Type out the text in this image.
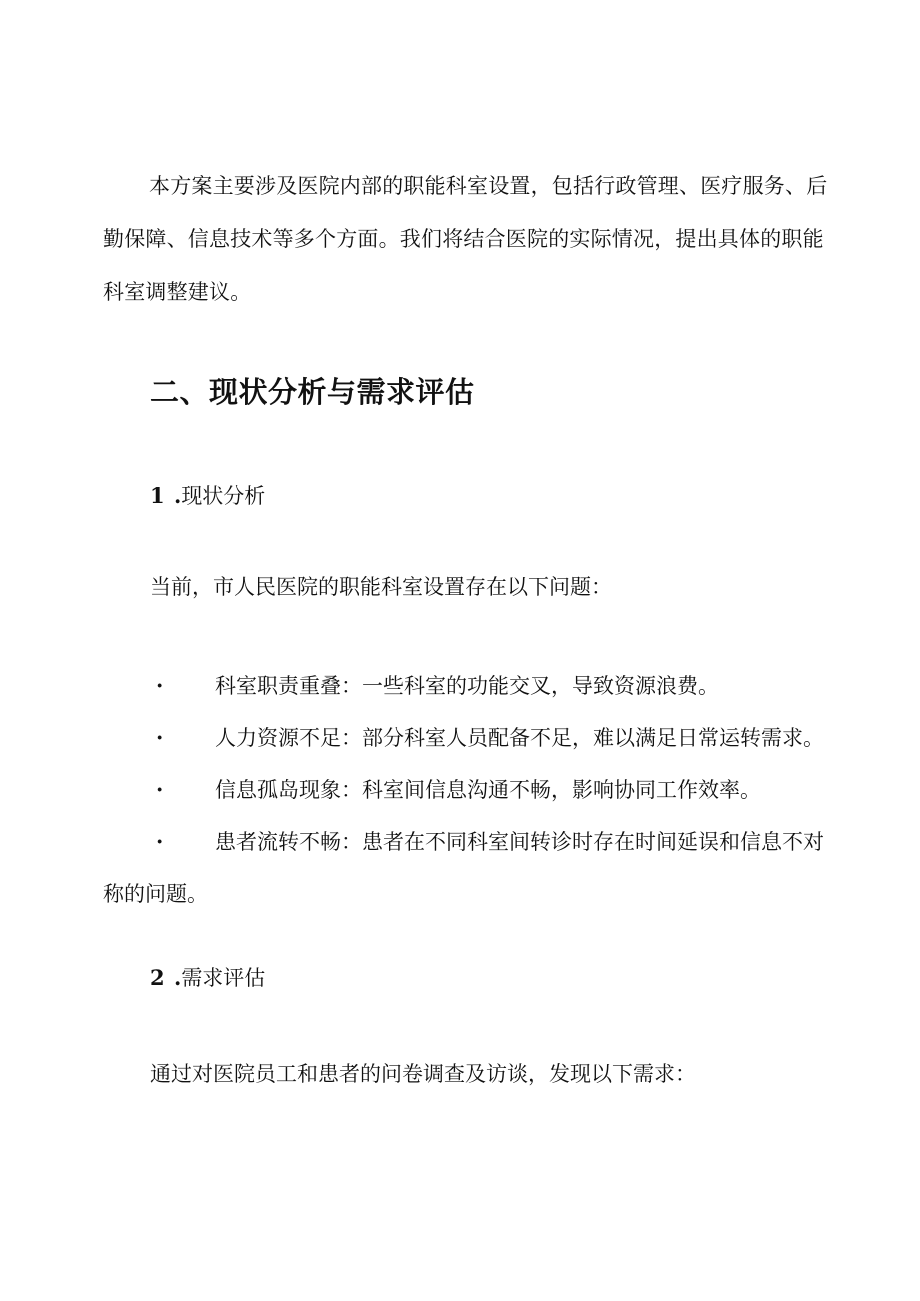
本方案主要涉及医院内部的职能科室设置，包括行政管理、医疗服务、后勤保障、信息技术等多个方面。我们将结合医院的实际情况，提出具体的职能科室调整建议。

二、现状分析与需求评估

1 .现状分析

当前，市人民医院的职能科室设置存在以下问题：

· 科室职责重叠：一些科室的功能交叉，导致资源浪费。
· 人力资源不足：部分科室人员配备不足，难以满足日常运转需求。
· 信息孤岛现象：科室间信息沟通不畅，影响协同工作效率。
· 患者流转不畅：患者在不同科室间转诊时存在时间延误和信息不对称的问题。

2 .需求评估

通过对医院员工和患者的问卷调查及访谈，发现以下需求：
